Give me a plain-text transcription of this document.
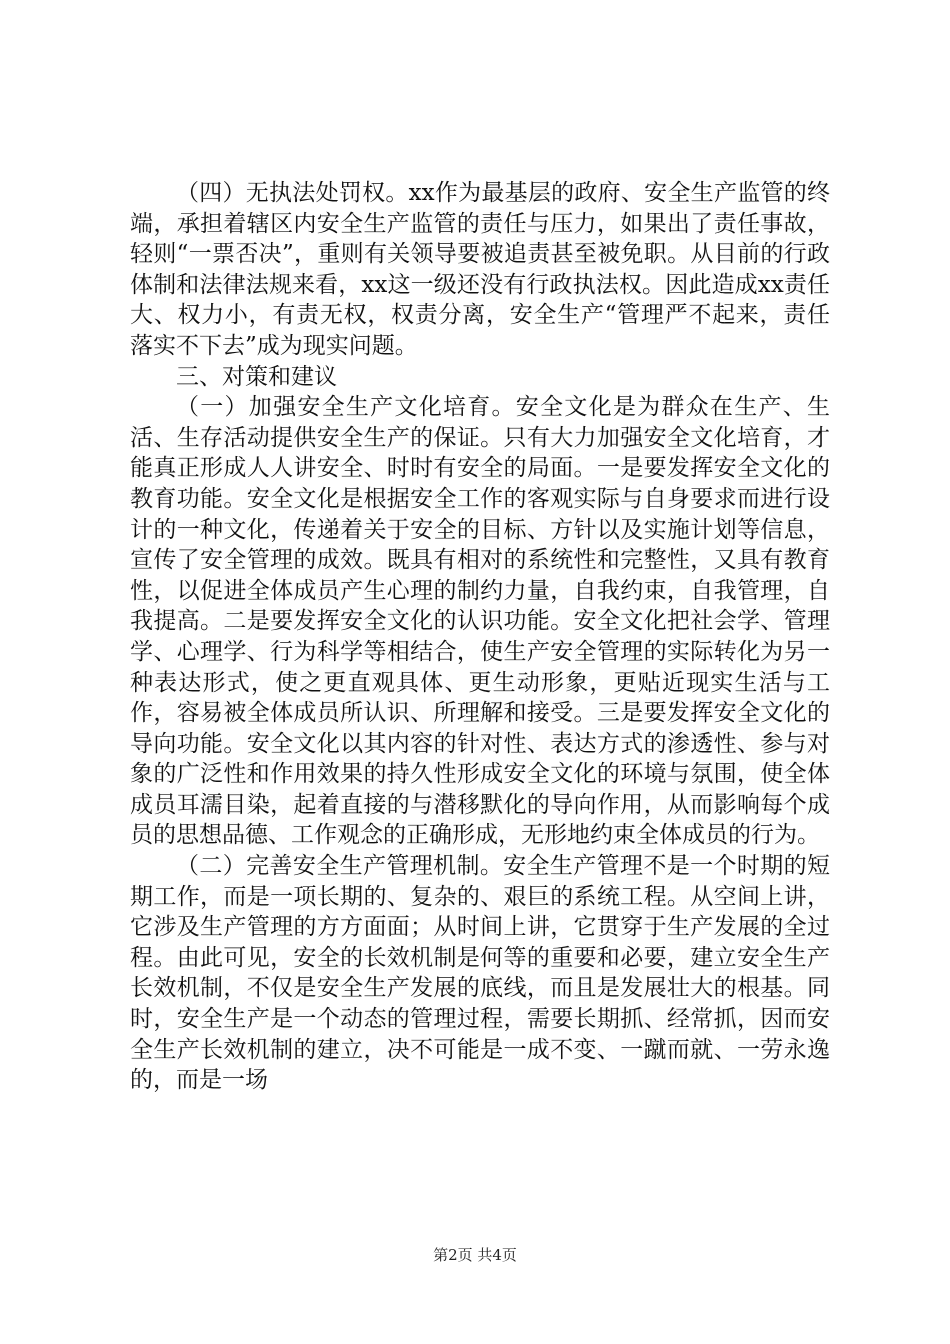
（四）无执法处罚权。xx作为最基层的政府、安全生产监管的终端，承担着辖区内安全生产监管的责任与压力，如果出了责任事故，轻则“一票否决”，重则有关领导要被追责甚至被免职。从目前的行政体制和法律法规来看，xx这一级还没有行政执法权。因此造成xx责任大、权力小，有责无权，权责分离，安全生产“管理严不起来，责任落实不下去”成为现实问题。

三、对策和建议

（一）加强安全生产文化培育。安全文化是为群众在生产、生活、生存活动提供安全生产的保证。只有大力加强安全文化培育，才能真正形成人人讲安全、时时有安全的局面。一是要发挥安全文化的教育功能。安全文化是根据安全工作的客观实际与自身要求而进行设计的一种文化，传递着关于安全的目标、方针以及实施计划等信息，宣传了安全管理的成效。既具有相对的系统性和完整性，又具有教育性，以促进全体成员产生心理的制约力量，自我约束，自我管理，自我提高。二是要发挥安全文化的认识功能。安全文化把社会学、管理学、心理学、行为科学等相结合，使生产安全管理的实际转化为另一种表达形式，使之更直观具体、更生动形象，更贴近现实生活与工作，容易被全体成员所认识、所理解和接受。三是要发挥安全文化的导向功能。安全文化以其内容的针对性、表达方式的渗透性、参与对象的广泛性和作用效果的持久性形成安全文化的环境与氛围，使全体成员耳濡目染，起着直接的与潜移默化的导向作用，从而影响每个成员的思想品德、工作观念的正确形成，无形地约束全体成员的行为。

（二）完善安全生产管理机制。安全生产管理不是一个时期的短期工作，而是一项长期的、复杂的、艰巨的系统工程。从空间上讲，它涉及生产管理的方方面面；从时间上讲，它贯穿于生产发展的全过程。由此可见，安全的长效机制是何等的重要和必要，建立安全生产长效机制，不仅是安全生产发展的底线，而且是发展壮大的根基。同时，安全生产是一个动态的管理过程，需要长期抓、经常抓，因而安全生产长效机制的建立，决不可能是一成不变、一蹴而就、一劳永逸的，而是一场

第2页 共4页
